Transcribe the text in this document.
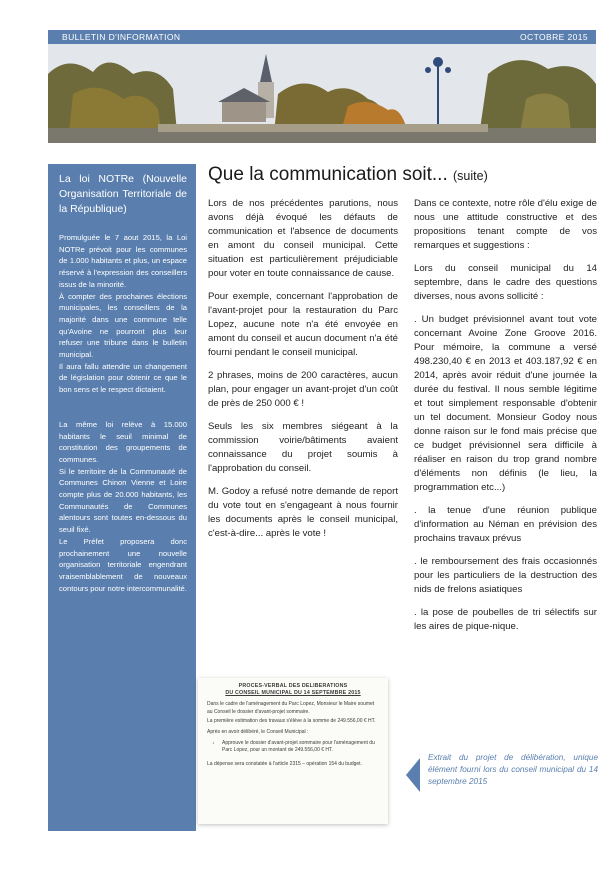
BULLETIN D'INFORMATION	OCTOBRE 2015
La loi NOTRe (Nouvelle Organisation Territoriale de la République)

Promulguée le 7 aout 2015, la Loi NOTRe prévoit pour les communes de 1.000 habitants et plus, un espace réservé à l'expression des conseillers issus de la minorité.

À compter des prochaines élections municipales, les conseillers de la majorité dans une commune telle qu'Avoine ne pourront plus leur refuser une tribune dans le bulletin municipal.

Il aura fallu attendre un changement de législation pour obtenir ce que le bon sens et le respect dictaient.

La même loi relève à 15.000 habitants le seuil minimal de constitution des groupements de communes.

Si le territoire de la Communauté de Communes Chinon Vienne et Loire compte plus de 20.000 habitants, les Communautés de Communes alentours sont toutes en-dessous du seuil fixé.

Le Préfet proposera donc prochainement une nouvelle organisation territoriale engendrant vraisemblablement de nouveaux contours pour notre intercommunalité.

Que la communication soit... (suite)

Lors de nos précédentes parutions, nous avons déjà évoqué les défauts de communication et l'absence de documents en amont du conseil municipal. Cette situation est particulièrement préjudiciable pour voter en toute connaissance de cause.

Pour exemple, concernant l'approbation de l'avant-projet pour la restauration du Parc Lopez, aucune note n'a été envoyée en amont du conseil et aucun document n'a été fourni pendant le conseil municipal.

2 phrases, moins de 200 caractères, aucun plan, pour engager un avant-projet d'un coût de près de 250 000 € !

Seuls les six membres siégeant à la commission voirie/bâtiments avaient connaissance du projet soumis à l'approbation du conseil.

M. Godoy a refusé notre demande de report du vote tout en s'engageant à nous fournir les documents après le conseil municipal, c'est-à-dire... après le vote !

Dans ce contexte, notre rôle d'élu exige de nous une attitude constructive et des propositions tenant compte de vos remarques et suggestions :

Lors du conseil municipal du 14 septembre, dans le cadre des questions diverses, nous avons sollicité :

. Un budget prévisionnel avant tout vote concernant Avoine Zone Groove 2016. Pour mémoire, la commune a versé 498.230,40 € en 2013 et 403.187,92 € en 2014, après avoir réduit d'une journée la durée du festival. Il nous semble légitime et tout simplement responsable d'obtenir un tel document. Monsieur Godoy nous donne raison sur le fond mais précise que ce budget prévisionnel sera difficile à réaliser en raison du trop grand nombre d'éléments non définis (le lieu, la programmation etc...)

. la tenue d'une réunion publique d'information au Néman en prévision des prochains travaux prévus

. le remboursement des frais occasionnés pour les particuliers de la destruction des nids de frelons asiatiques

. la pose de poubelles de tri sélectifs sur les aires de pique-nique.

PROCES-VERBAL DES DELIBERATIONS
DU CONSEIL MUNICIPAL DU 14 SEPTEMBRE 2015

Dans le cadre de l'aménagement du Parc Lopez, Monsieur le Maire soumet au Conseil le dossier d'avant-projet sommaire.

La première estimation des travaux s'élève à la somme de 249.556,00 € HT.

Après en avoir délibéré, le Conseil Municipal :

↓ Approuve le dossier d'avant-projet sommaire pour l'aménagement du Parc Lopez, pour un montant de 249.556,00 € HT.

La dépense sera constatée à l'article 2315 – opération 154 du budget.

Extrait du projet de délibération, unique élément fourni lors du conseil municipal du 14 septembre 2015
